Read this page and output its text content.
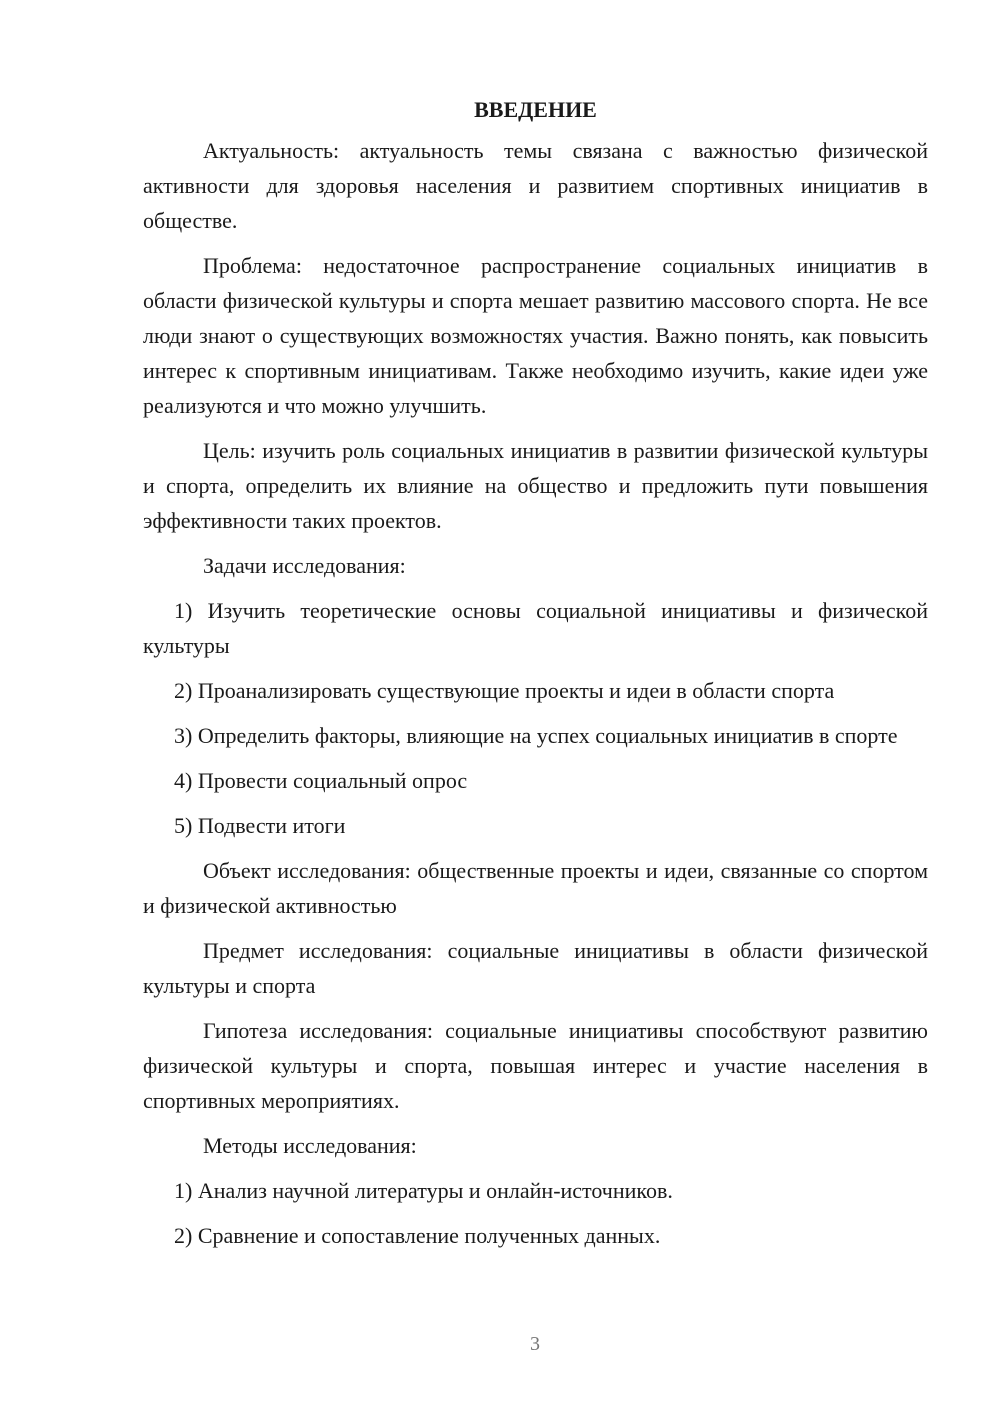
ВВЕДЕНИЕ

Актуальность: актуальность темы связана с важностью физической активности для здоровья населения и развитием спортивных инициатив в обществе.

Проблема: недостаточное распространение социальных инициатив в области физической культуры и спорта мешает развитию массового спорта. Не все люди знают о существующих возможностях участия. Важно понять, как повысить интерес к спортивным инициативам. Также необходимо изучить, какие идеи уже реализуются и что можно улучшить.

Цель: изучить роль социальных инициатив в развитии физической культуры и спорта, определить их влияние на общество и предложить пути повышения эффективности таких проектов.

Задачи исследования:

1) Изучить теоретические основы социальной инициативы и физической культуры

2) Проанализировать существующие проекты и идеи в области спорта

3) Определить факторы, влияющие на успех социальных инициатив в спорте

4) Провести социальный опрос

5) Подвести итоги

Объект исследования: общественные проекты и идеи, связанные со спортом и физической активностью

Предмет исследования: социальные инициативы в области физической культуры и спорта

Гипотеза исследования: социальные инициативы способствуют развитию физической культуры и спорта, повышая интерес и участие населения в спортивных мероприятиях.

Методы исследования:

1) Анализ научной литературы и онлайн-источников.

2) Сравнение и сопоставление полученных данных.

3
